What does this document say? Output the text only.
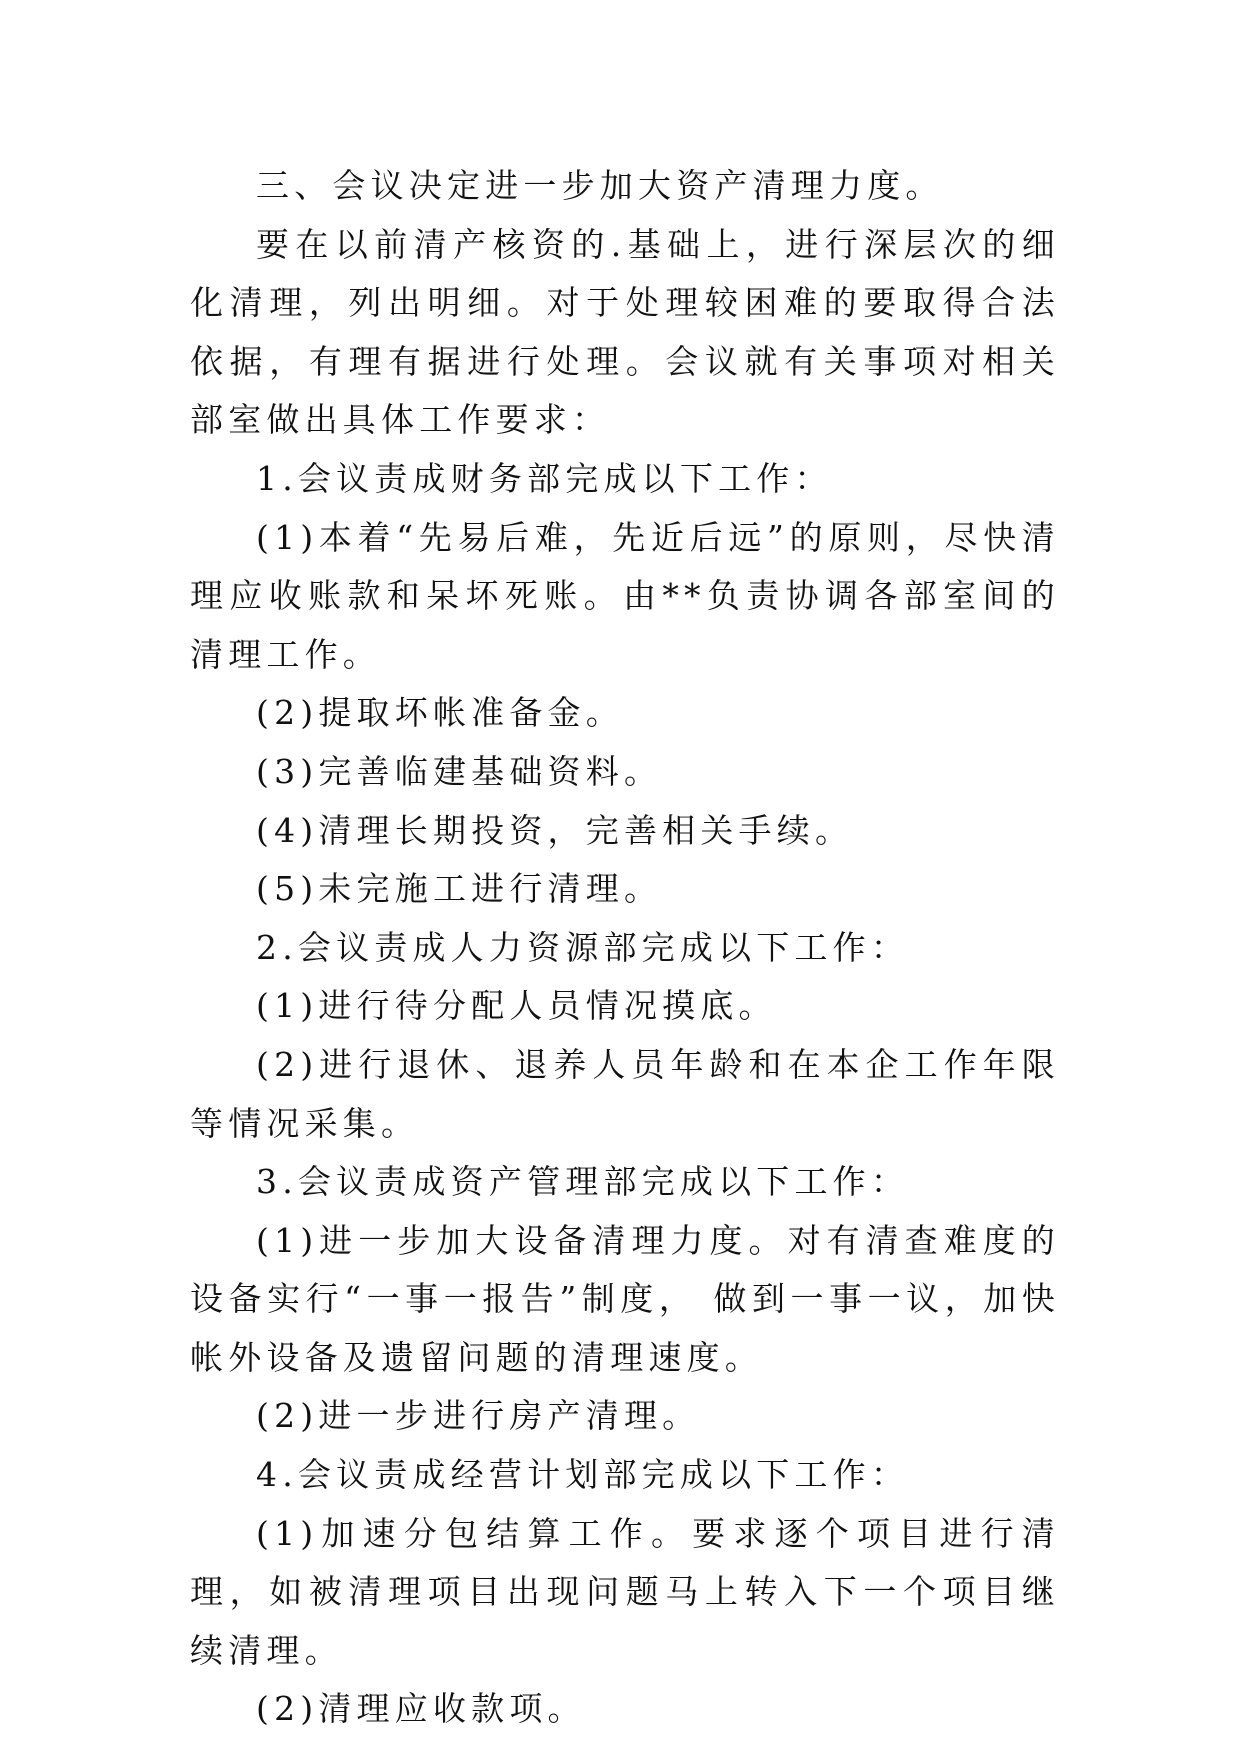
三、会议决定进一步加大资产清理力度。

要在以前清产核资的.基础上，进行深层次的细化清理，列出明细。对于处理较困难的要取得合法依据，有理有据进行处理。会议就有关事项对相关部室做出具体工作要求：

1.会议责成财务部完成以下工作：

(1)本着“先易后难，先近后远”的原则，尽快清理应收账款和呆坏死账。由**负责协调各部室间的清理工作。

(2)提取坏帐准备金。

(3)完善临建基础资料。

(4)清理长期投资，完善相关手续。

(5)未完施工进行清理。

2.会议责成人力资源部完成以下工作：

(1)进行待分配人员情况摸底。

(2)进行退休、退养人员年龄和在本企工作年限等情况采集。

3.会议责成资产管理部完成以下工作：

(1)进一步加大设备清理力度。对有清查难度的设备实行“一事一报告”制度， 做到一事一议，加快帐外设备及遗留问题的清理速度。

(2)进一步进行房产清理。

4.会议责成经营计划部完成以下工作：

(1)加速分包结算工作。要求逐个项目进行清理，如被清理项目出现问题马上转入下一个项目继续清理。

(2)清理应收款项。
